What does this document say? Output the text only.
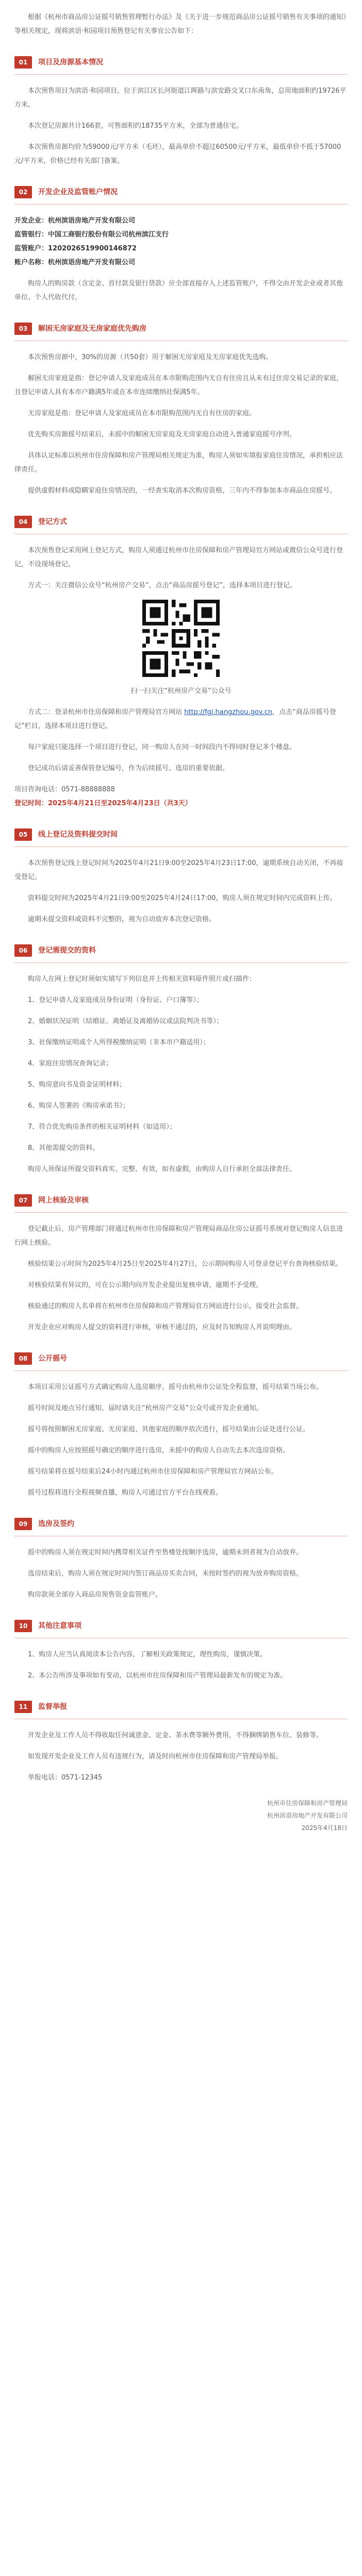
根据《杭州市商品房公证摇号销售管理暂行办法》及《关于进一步规范商品房公证摇号销售有关事项的通知》等相关规定，现将滨语·和园项目预售登记有关事宜公告如下：

01	项目及房源基本情况

本次预售项目为滨语·和园项目，位于滨江区长河街道江晖路与滨安路交叉口东南角，总用地面积约19726平方米。

本次登记房源共计166套，可售面积约18735平方米，全部为普通住宅。

本次预售房源均价为59000元/平方米（毛坯），最高单价不超过60500元/平方米，最低单价不低于57000元/平方米，价格已经有关部门备案。

02	开发企业及监管账户情况

开发企业：杭州滨语房地产开发有限公司

监管银行：中国工商银行股份有限公司杭州滨江支行

监管账户：1202026519900146872

账户名称：杭州滨语房地产开发有限公司

购房人的购房款（含定金、首付款及银行贷款）应全部直接存入上述监管账户，不得交由开发企业或者其他单位、个人代收代付。

03	解困无房家庭及无房家庭优先购房

本次预售房源中，30%的房源（共50套）用于解困无房家庭及无房家庭优先选购。

解困无房家庭是指：登记申请人及家庭成员在本市限购范围内无自有住房且从未有过住房交易记录的家庭，且登记申请人具有本市户籍满5年或在本市连续缴纳社保满5年。

无房家庭是指：登记申请人及家庭成员在本市限购范围内无自有住房的家庭。

优先购买房源摇号结束后，未摇中的解困无房家庭及无房家庭自动进入普通家庭摇号序列。

具体认定标准以杭州市住房保障和房产管理局相关规定为准，购房人须如实填报家庭住房情况，承担相应法律责任。

提供虚假材料或隐瞒家庭住房情况的，一经查实取消本次购房资格，三年内不得参加本市商品住房摇号。

04	登记方式

本次预售登记采用网上登记方式，购房人须通过杭州市住房保障和房产管理局官方网站或微信公众号进行登记，不设现场登记。

方式一：关注微信公众号“杭州房产交易”，点击“商品房摇号登记”，选择本项目进行登记。

扫一扫关注“杭州房产交易”公众号

方式二：登录杭州市住房保障和房产管理局官方网站 http://fgj.hangzhou.gov.cn，点击“商品房摇号登记”栏目，选择本项目进行登记。

每户家庭只能选择一个项目进行登记，同一购房人在同一时间段内不得同时登记多个楼盘。

登记成功后请妥善保管登记编号，作为后续摇号、选房的重要依据。

项目咨询电话：0571-88888888

登记时间：2025年4月21日至2025年4月23日（共3天）

05	线上登记及资料提交时间

本次预售登记线上登记时间为2025年4月21日9:00至2025年4月23日17:00，逾期系统自动关闭，不再接受登记。

资料提交时间为2025年4月21日9:00至2025年4月24日17:00，购房人须在规定时间内完成资料上传。

逾期未提交资料或资料不完整的，视为自动放弃本次登记资格。

06	登记需提交的资料

购房人在网上登记时须如实填写下列信息并上传相关资料原件照片或扫描件：

1、登记申请人及家庭成员身份证明（身份证、户口簿等）；

2、婚姻状况证明（结婚证、离婚证及离婚协议或法院判决书等）；

3、社保缴纳证明或个人所得税缴纳证明（非本市户籍适用）；

4、家庭住房情况查询记录；

5、购房意向书及资金证明材料；

6、购房人签署的《购房承诺书》；

7、符合优先购房条件的相关证明材料（如适用）；

8、其他需提交的资料。

购房人须保证所提交资料真实、完整、有效，如有虚假，由购房人自行承担全部法律责任。

07	网上核验及审核

登记截止后，房产管理部门将通过杭州市住房保障和房产管理局商品住房公证摇号系统对登记购房人信息进行网上核验。

核验结果公示时间为2025年4月25日至2025年4月27日，公示期间购房人可登录登记平台查询核验结果。

对核验结果有异议的，可在公示期内向开发企业提出复核申请，逾期不予受理。

核验通过的购房人名单将在杭州市住房保障和房产管理局官方网站进行公示，接受社会监督。

开发企业应对购房人提交的资料进行审核，审核不通过的，应及时告知购房人并说明理由。

08	公开摇号

本项目采用公证摇号方式确定购房人选房顺序，摇号由杭州市公证处全程监督，摇号结果当场公布。

摇号时间及地点另行通知，届时请关注“杭州房产交易”公众号或开发企业通知。

摇号将按照解困无房家庭、无房家庭、其他家庭的顺序依次进行，摇号结果由公证处进行公证。

摇中的购房人应按照摇号确定的顺序进行选房，未摇中的购房人自动失去本次选房资格。

摇号结果将在摇号结束后24小时内通过杭州市住房保障和房产管理局官方网站公布。

摇号过程将进行全程视频直播，购房人可通过官方平台在线观看。

09	选房及签约

摇中的购房人须在规定时间内携带相关证件至售楼处按顺序选房，逾期未到者视为自动放弃。

选房结束后，购房人须在规定时间内签订商品房买卖合同，未按时签约的视为放弃购房资格。

购房款须全部存入商品房预售资金监管账户。

10	其他注意事项

1、购房人应当认真阅读本公告内容，了解相关政策规定，理性购房，谨慎决策。

2、本公告所涉及事项如有变动，以杭州市住房保障和房产管理局最新发布的规定为准。

11	监督举报

开发企业及工作人员不得收取任何诚意金、定金、茶水费等额外费用，不得捆绑销售车位、装修等。

如发现开发企业及工作人员有违规行为，请及时向杭州市住房保障和房产管理局举报。

举报电话：0571-12345

杭州市住房保障和房产管理局
杭州滨语房地产开发有限公司
2025年4月18日
